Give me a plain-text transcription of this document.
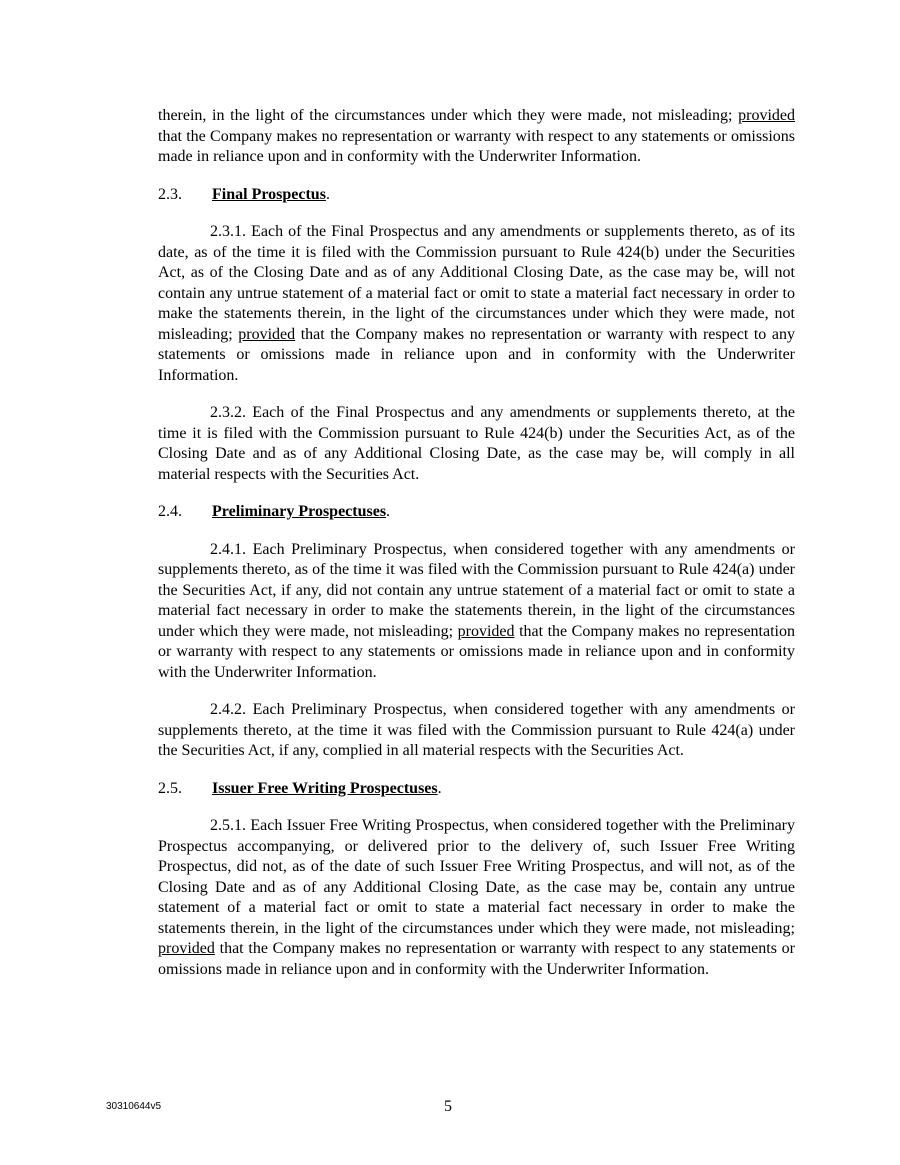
therein, in the light of the circumstances under which they were made, not misleading; provided that the Company makes no representation or warranty with respect to any statements or omissions made in reliance upon and in conformity with the Underwriter Information.

2.3. Final Prospectus.

2.3.1. Each of the Final Prospectus and any amendments or supplements thereto, as of its date, as of the time it is filed with the Commission pursuant to Rule 424(b) under the Securities Act, as of the Closing Date and as of any Additional Closing Date, as the case may be, will not contain any untrue statement of a material fact or omit to state a material fact necessary in order to make the statements therein, in the light of the circumstances under which they were made, not misleading; provided that the Company makes no representation or warranty with respect to any statements or omissions made in reliance upon and in conformity with the Underwriter Information.

2.3.2. Each of the Final Prospectus and any amendments or supplements thereto, at the time it is filed with the Commission pursuant to Rule 424(b) under the Securities Act, as of the Closing Date and as of any Additional Closing Date, as the case may be, will comply in all material respects with the Securities Act.

2.4. Preliminary Prospectuses.

2.4.1. Each Preliminary Prospectus, when considered together with any amendments or supplements thereto, as of the time it was filed with the Commission pursuant to Rule 424(a) under the Securities Act, if any, did not contain any untrue statement of a material fact or omit to state a material fact necessary in order to make the statements therein, in the light of the circumstances under which they were made, not misleading; provided that the Company makes no representation or warranty with respect to any statements or omissions made in reliance upon and in conformity with the Underwriter Information.

2.4.2. Each Preliminary Prospectus, when considered together with any amendments or supplements thereto, at the time it was filed with the Commission pursuant to Rule 424(a) under the Securities Act, if any, complied in all material respects with the Securities Act.

2.5. Issuer Free Writing Prospectuses.

2.5.1. Each Issuer Free Writing Prospectus, when considered together with the Preliminary Prospectus accompanying, or delivered prior to the delivery of, such Issuer Free Writing Prospectus, did not, as of the date of such Issuer Free Writing Prospectus, and will not, as of the Closing Date and as of any Additional Closing Date, as the case may be, contain any untrue statement of a material fact or omit to state a material fact necessary in order to make the statements therein, in the light of the circumstances under which they were made, not misleading; provided that the Company makes no representation or warranty with respect to any statements or omissions made in reliance upon and in conformity with the Underwriter Information.

30310644v5	5
